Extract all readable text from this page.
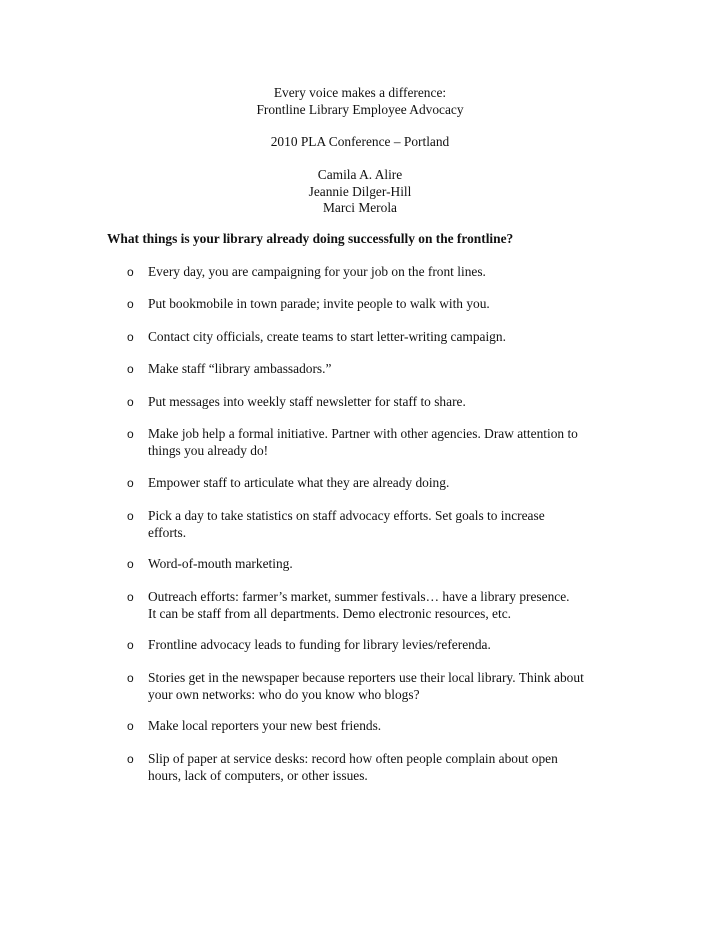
Every voice makes a difference:
Frontline Library Employee Advocacy
2010 PLA Conference – Portland
Camila A. Alire
Jeannie Dilger-Hill
Marci Merola
What things is your library already doing successfully on the frontline?
o Every day, you are campaigning for your job on the front lines.
o Put bookmobile in town parade; invite people to walk with you.
o Contact city officials, create teams to start letter-writing campaign.
o Make staff “library ambassadors.”
o Put messages into weekly staff newsletter for staff to share.
o Make job help a formal initiative. Partner with other agencies. Draw attention to
things you already do!
o Empower staff to articulate what they are already doing.
o Pick a day to take statistics on staff advocacy efforts. Set goals to increase
efforts.
o Word-of-mouth marketing.
o Outreach efforts: farmer’s market, summer festivals… have a library presence.
It can be staff from all departments. Demo electronic resources, etc.
o Frontline advocacy leads to funding for library levies/referenda.
o Stories get in the newspaper because reporters use their local library. Think about
your own networks: who do you know who blogs?
o Make local reporters your new best friends.
o Slip of paper at service desks: record how often people complain about open
hours, lack of computers, or other issues.
